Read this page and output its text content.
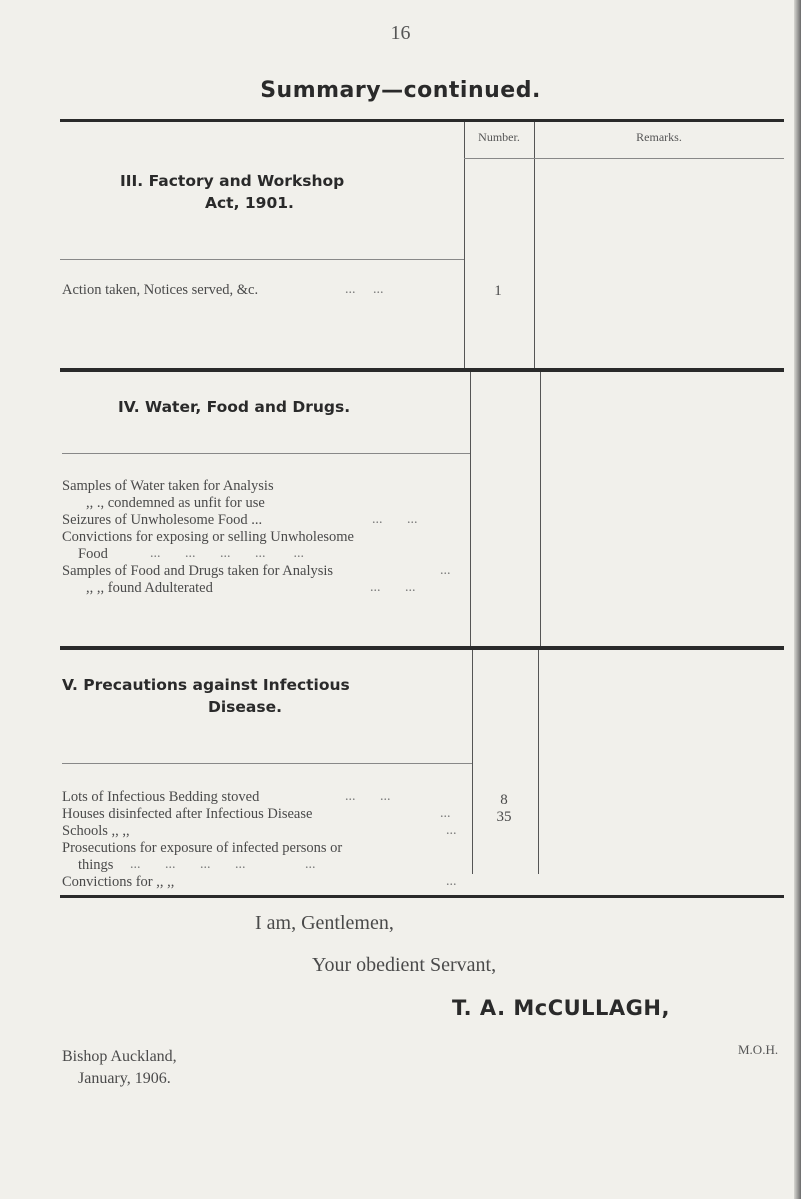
16
Summary—continued.
Number.	Remarks.
III. Factory and Workshop
Act, 1901.
Action taken, Notices served, &c.	...     ...	1
IV. Water, Food and Drugs.
Samples of Water taken for Analysis
,, ., condemned as unfit for use
Seizures of Unwholesome Food ...	...       ...
Convictions for exposing or selling Unwholesome
Food	...       ...       ...       ...        ...
Samples of Food and Drugs taken for Analysis	...
,, ,, found Adulterated	...       ...
V. Precautions against Infectious
Disease.
Lots of Infectious Bedding stoved	...       ...	8
Houses disinfected after Infectious Disease	...	35
Schools ,, ,,	...
Prosecutions for exposure of infected persons or
things ...       ...       ...       ...                 ...
Convictions for ,, ,,	...
I am, Gentlemen,
Your obedient Servant,
T. A. McCULLAGH,
M.O.H.
Bishop Auckland,
January, 1906.
